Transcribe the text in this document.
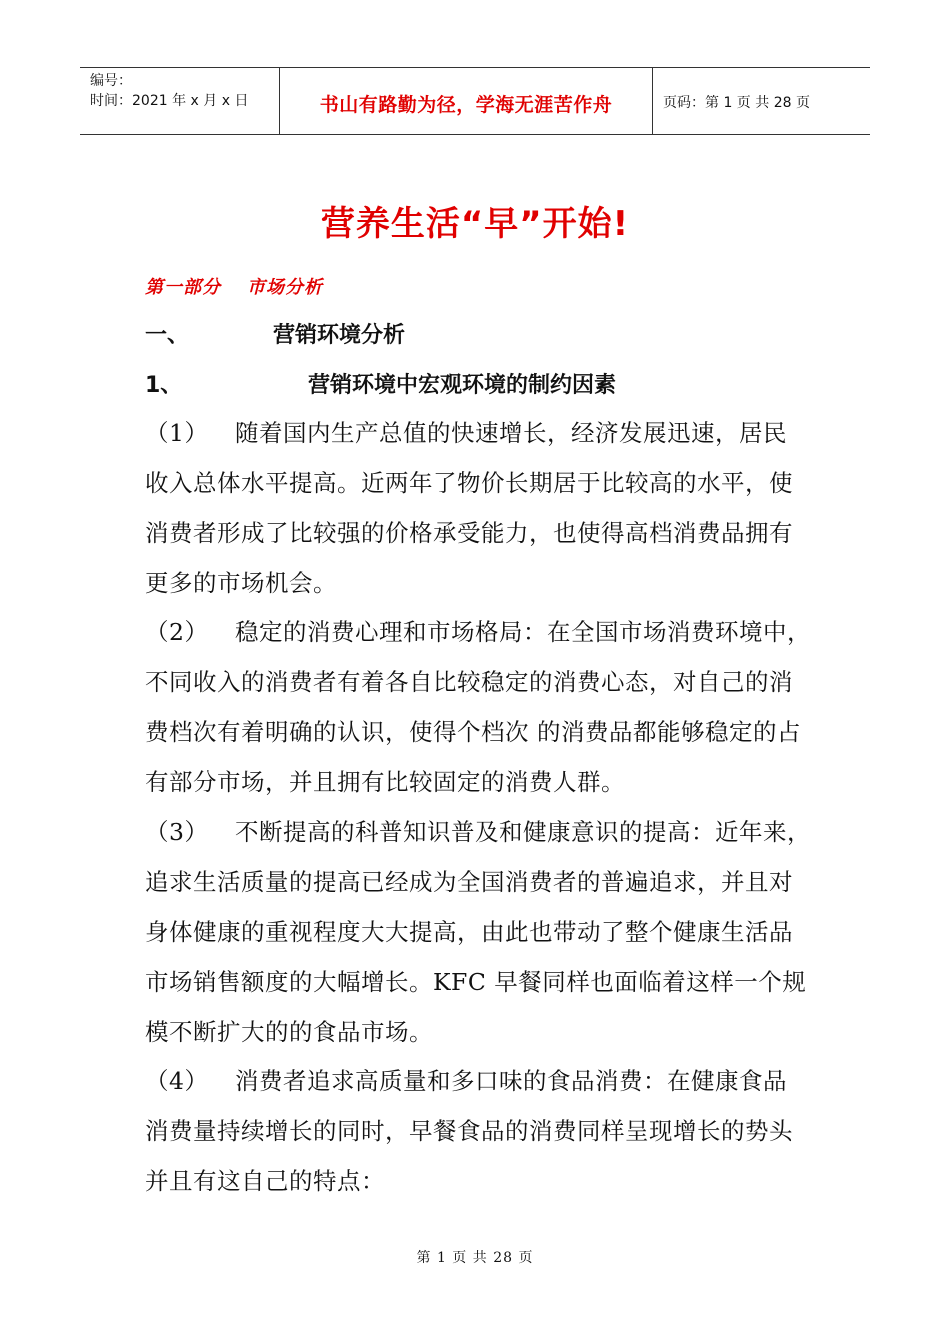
编号：
时间：2021 年 x 月 x 日	书山有路勤为径，学海无涯苦作舟	页码：第 1 页 共 28 页
营养生活“早”开始!
第一部分 市场分析
一、	营销环境分析
1、	营销环境中宏观环境的制约因素
（1） 随着国内生产总值的快速增长，经济发展迅速，居民
收入总体水平提高。近两年了物价长期居于比较高的水平，使
消费者形成了比较强的价格承受能力，也使得高档消费品拥有
更多的市场机会。
（2） 稳定的消费心理和市场格局：在全国市场消费环境中，
不同收入的消费者有着各自比较稳定的消费心态，对自己的消
费档次有着明确的认识，使得个档次 的消费品都能够稳定的占
有部分市场，并且拥有比较固定的消费人群。
（3） 不断提高的科普知识普及和健康意识的提高：近年来，
追求生活质量的提高已经成为全国消费者的普遍追求，并且对
身体健康的重视程度大大提高，由此也带动了整个健康生活品
市场销售额度的大幅增长。KFC 早餐同样也面临着这样一个规
模不断扩大的的食品市场。
（4） 消费者追求高质量和多口味的食品消费：在健康食品
消费量持续增长的同时，早餐食品的消费同样呈现增长的势头
并且有这自己的特点：
第 1 页 共 28 页
